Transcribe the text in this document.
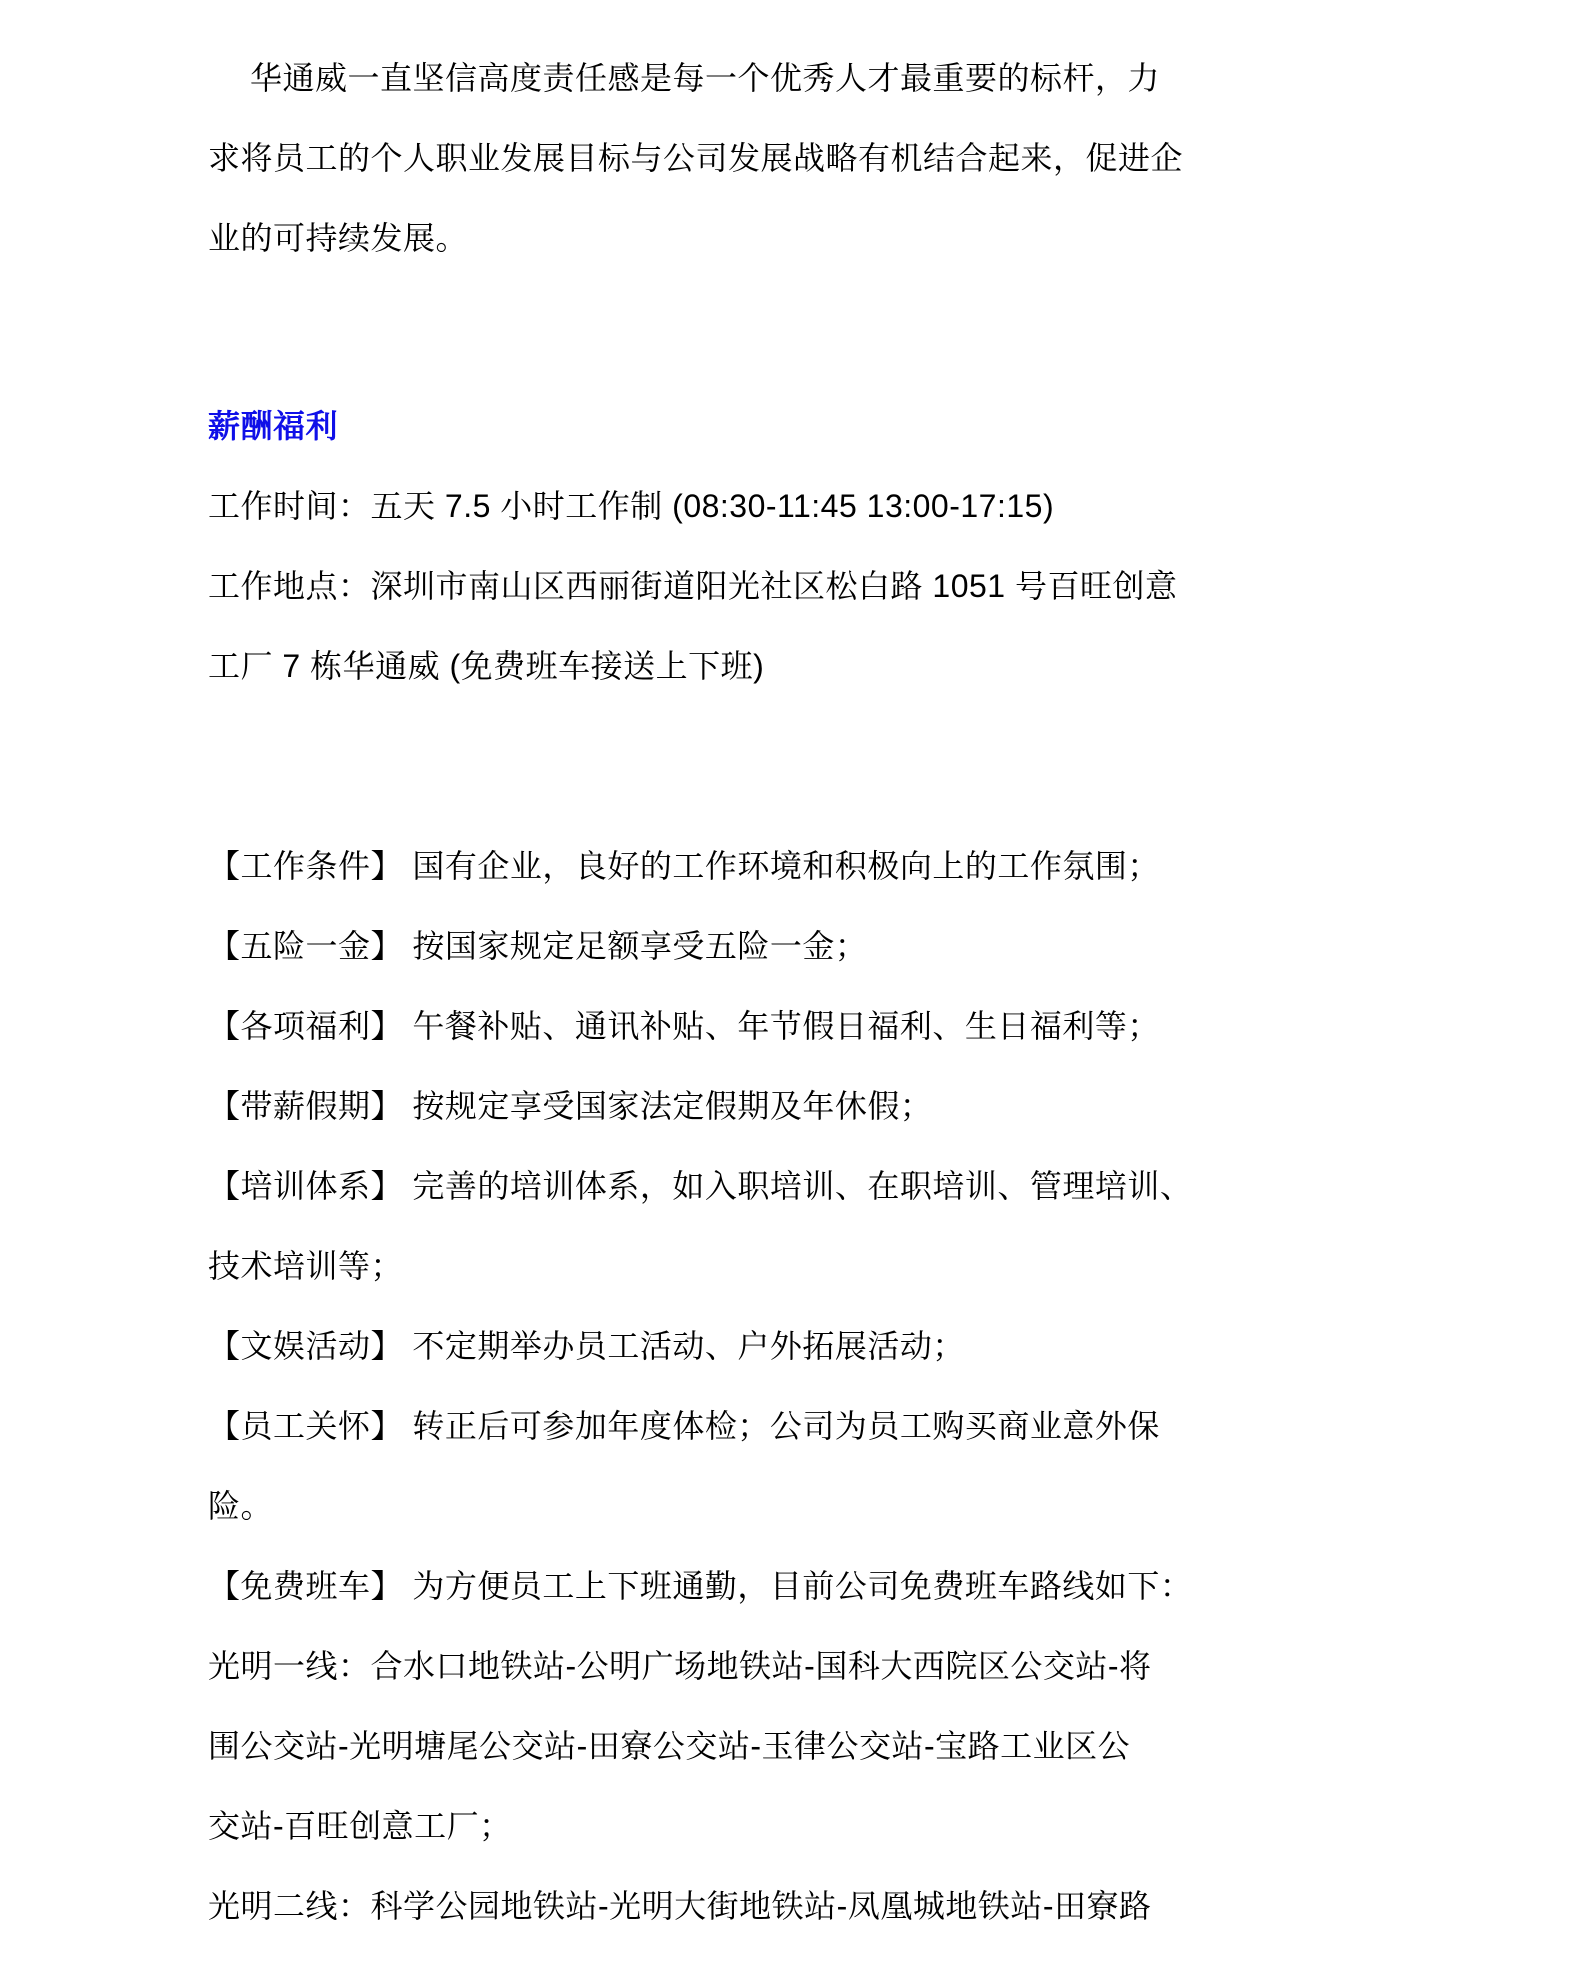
华通威一直坚信高度责任感是每一个优秀人才最重要的标杆，力
求将员工的个人职业发展目标与公司发展战略有机结合起来，促进企
业的可持续发展。
薪酬福利
工作时间：五天 7.5 小时工作制 (08:30-11:45 13:00-17:15)
工作地点：深圳市南山区西丽街道阳光社区松白路 1051 号百旺创意
工厂 7 栋华通威 (免费班车接送上下班)
【工作条件】 国有企业，良好的工作环境和积极向上的工作氛围；
【五险一金】 按国家规定足额享受五险一金；
【各项福利】 午餐补贴、通讯补贴、年节假日福利、生日福利等；
【带薪假期】 按规定享受国家法定假期及年休假；
【培训体系】 完善的培训体系，如入职培训、在职培训、管理培训、
技术培训等；
【文娱活动】 不定期举办员工活动、户外拓展活动；
【员工关怀】 转正后可参加年度体检；公司为员工购买商业意外保
险。
【免费班车】 为方便员工上下班通勤，目前公司免费班车路线如下：
光明一线：合水口地铁站-公明广场地铁站-国科大西院区公交站-将
围公交站-光明塘尾公交站-田寮公交站-玉律公交站-宝路工业区公
交站-百旺创意工厂；
光明二线：科学公园地铁站-光明大街地铁站-凤凰城地铁站-田寮路
